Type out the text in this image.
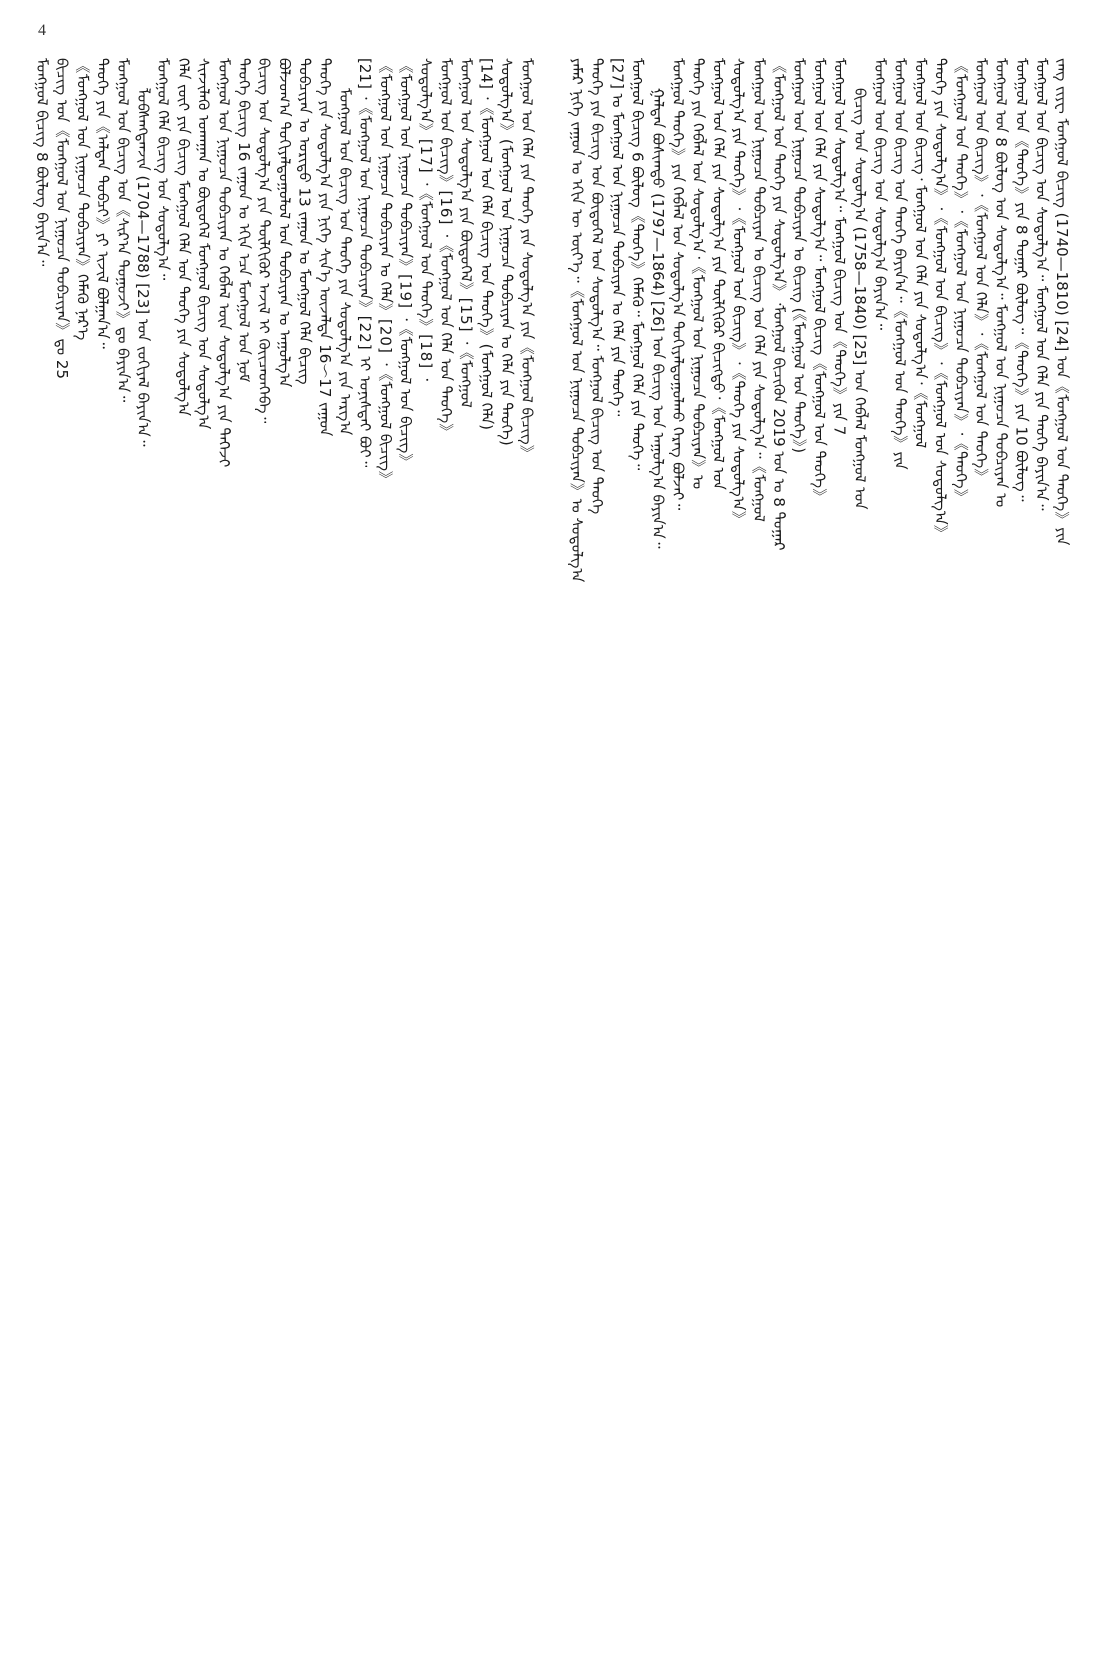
4
ᠮᠣᠩᠭᠣᠯ ᠪᠢᠴᠢᠭ 8 ᠪᠦᠯᠦᠭ ᠪᠠᠶᠢᠨ᠎ᠠ᠃ ᠪᠢᠴᠢᠭ ᠤᠨ《ᠮᠣᠩᠭᠣᠯ ᠤᠨ ᠨᠢᠭᠤᠴᠠ ᠲᠣᠪᠴᠢᠶᠠᠨ》ᠳᠤ 25 《ᠮᠣᠩᠭᠣᠯ ᠤᠨ ᠨᠢᠭᠤᠴᠠ ᠲᠣᠪᠴᠢᠶᠠᠨ》ᠬᠡᠮᠡᠬᠦ ᠨᠡᠷ᠎ᠡ ᠲᠡᠦᠬᠡ ᠶᠢᠨ《ᠠᠯᠲᠠᠨ ᠲᠣᠪᠴᠢ》ᠶᠢ ᠢᠵᠢᠯ ᠪᠣᠯᠭᠠᠨ᠎ᠠ᠃ ᠮᠣᠩᠭᠣᠯ ᠤᠨ ᠪᠢᠴᠢᠭ ᠤᠨ《ᠰᠢᠷ᠎ᠠ ᠲᠣᠭᠤᠵᠢ》ᠳᠤ ᠪᠠᠶᠢᠨ᠎ᠠ᠃ ᠯᠣᠪᠰᠠᠩᠳᠠᠨᠵᠢᠨ (1704—1788) [23] ᠤᠨ ᠵᠣᠬᠢᠶᠠᠯ ᠪᠠᠶᠢᠨ᠎ᠠ᠃ ᠮᠣᠩᠭᠣᠯ ᠬᠡᠯᠡ ᠪᠢᠴᠢᠭ ᠤᠨ ᠰᠤᠳᠤᠯᠭ᠎ᠠ᠃ ᠬᠡᠯᠡ ᠵᠦᠢ ᠶᠢᠨ ᠪᠢᠴᠢᠭ᠌ ᠮᠣᠩᠭᠣᠯ ᠬᠡᠯᠡ ᠤᠨ ᠲᠡᠦᠬᠡ ᠶᠢᠨ ᠰᠤᠳᠤᠯᠭ᠎ᠠ ᠰᠢᠨᠵᠢᠯᠡᠬᠦ ᠤᠬᠠᠭᠠᠨ ᠤ ᠪᠦᠲᠦᠭᠡᠯ ᠮᠣᠩᠭᠣᠯ ᠪᠢᠴᠢᠭ ᠤᠨ ᠰᠤᠳᠤᠯᠭ᠎ᠠ ᠮᠣᠩᠭᠣᠯ ᠤᠨ ᠨᠢᠭᠤᠴᠠ ᠲᠣᠪᠴᠢᠶᠠᠨ ᠤ ᠬᠡᠪᠯᠡᠯ ᠦᠨ ᠰᠤᠳᠤᠯᠭ᠎ᠠ ᠶᠢᠨ ᠳᠡᠭᠡᠵᠢ ᠲᠡᠦᠬᠡ ᠪᠢᠴᠢᠭ᠌ 16 ᠵᠠᠭᠤᠨ ᠤ ᠡᠬᠢᠨ ᠡᠴᠡ ᠮᠣᠩᠭᠣᠯ ᠤᠨ ᠨᠣᠮ ᠪᠢᠴᠢᠭ ᠤᠨ ᠰᠤᠳᠤᠯᠭ᠎ᠠ ᠶᠢᠨ ᠲᠦᠯᠬᠢᠭᠦᠷ ᠠᠵᠢᠯ ᠢ ᠭᠦᠢᠴᠡᠳᠬᠡᠪᠡ᠃ ᠪᠣᠯᠵᠣᠭ᠎ᠠ ᠲᠣᠬᠢᠶᠠᠯᠳᠤᠭᠤᠯᠤᠯ ᠤᠨ ᠲᠣᠪᠴᠢᠶᠠᠨ ᠤ ᠠᠭᠤᠯᠭ᠎ᠠ ᠲᠣᠪᠴᠢᠶᠠᠨ ᠤ ᠤᠷᠢᠳᠤ 13 ᠵᠠᠭᠤᠨ ᠤ ᠮᠣᠩᠭᠣᠯ ᠬᠡᠯᠡ ᠪᠢᠴᠢᠭ᠌ ᠲᠡᠦᠬᠡ ᠶᠢᠨ ᠰᠤᠳᠤᠯᠭ᠎ᠠ ᠶᠢᠨ ᠨᠢᠭᠡ ᠰᠢᠨ᠎ᠡ ᠦᠵᠡᠯᠲᠡ 16～17 ᠵᠠᠭᠤᠨ ᠮᠣᠩᠭᠣᠯ ᠤᠨ ᠪᠢᠴᠢᠭ ᠤᠨ ᠲᠡᠦᠬᠡ ᠶᠢᠨ ᠰᠤᠳᠤᠯᠭ᠎ᠠ ᠶᠢᠨ ᠠᠷᠭ᠎ᠠ [21] ᠂《ᠮᠣᠩᠭᠣᠯ ᠤᠨ ᠨᠢᠭᠤᠴᠠ ᠲᠣᠪᠴᠢᠶᠠᠨ》[22] ᠢ ᠤᠨᠢᠰᠲᠠᠢ ᠪᠤᠢ᠃ 《ᠮᠣᠩᠭᠣᠯ ᠤᠨ ᠨᠢᠭᠤᠴᠠ ᠲᠣᠪᠴᠢᠶᠠᠨ ᠤ ᠬᠡᠯᠡ》[20] ᠂《ᠮᠣᠩᠭᠣᠯ ᠪᠢᠴᠢᠭ》 《ᠮᠣᠩᠭᠣᠯ ᠤᠨ ᠨᠢᠭᠤᠴᠠ ᠲᠣᠪᠴᠢᠶᠠᠨ》[19] ᠂《ᠮᠣᠩᠭᠣᠯ ᠤᠨ ᠪᠢᠴᠢᠭ》 ᠰᠤᠳᠤᠯᠭ᠎ᠠ》[17] ᠂《ᠮᠣᠩᠭᠣᠯ ᠤᠨ ᠲᠡᠦᠬᠡ》[18] ᠂ ᠮᠣᠩᠭᠣᠯ ᠤᠨ ᠪᠢᠴᠢᠭ》[16] ᠂《ᠮᠣᠩᠭᠣᠯ ᠤᠨ ᠬᠡᠯᠡ ᠤᠨ ᠲᠡᠦᠬᠡ》 ᠮᠣᠩᠭᠣᠯ ᠤᠨ ᠰᠤᠳᠤᠯᠭ᠎ᠠ ᠶᠢᠨ ᠪᠦᠲᠦᠭᠡᠯ》[15] ᠂《ᠮᠣᠩᠭᠣᠯ [14] ᠂《ᠮᠣᠩᠭᠣᠯ ᠤᠨ ᠬᠡᠯᠡ ᠪᠢᠴᠢᠭ ᠤᠨ ᠲᠡᠦᠬᠡ》(ᠮᠣᠩᠭᠣᠯ ᠬᠡᠯᠡ) ᠰᠤᠳᠤᠯᠭ᠎ᠠ》(ᠮᠣᠩᠭᠣᠯ ᠤᠨ ᠨᠢᠭᠤᠴᠠ ᠲᠣᠪᠴᠢᠶᠠᠨ ᠤ ᠬᠡᠯᠡ ᠶᠢᠨ ᠲᠡᠦᠬᠡ) ᠮᠣᠩᠭᠣᠯ ᠤᠨ ᠬᠡᠯᠡ ᠶᠢᠨ ᠲᠡᠦᠬᠡ ᠶᠢᠨ ᠰᠤᠳᠤᠯᠭ᠎ᠠ ᠶᠢᠨ《ᠮᠣᠩᠭᠣᠯ ᠪᠢᠴᠢᠭ》 ᠶᠠᠮᠠᠷ ᠨᠢᠭᠡ ᠵᠠᠭᠤᠨ ᠤ ᠡᠬᠢᠨ ᠦ ᠦᠶ᠎ᠡ᠃《ᠮᠣᠩᠭᠣᠯ ᠤᠨ ᠨᠢᠭᠤᠴᠠ ᠲᠣᠪᠴᠢᠶᠠᠨ》ᠤ ᠰᠤᠳᠤᠯᠭ᠎ᠠ ᠲᠡᠦᠬᠡ ᠶᠢᠨ ᠪᠢᠴᠢᠭ ᠤᠨ ᠪᠦᠲᠦᠭᠡᠯ ᠤᠨ ᠰᠤᠳᠤᠯᠭ᠎ᠠ᠃ ᠮᠣᠩᠭᠣᠯ ᠪᠢᠴᠢᠭ ᠤᠨ ᠲᠡᠦᠬᠡ [27] ᠤ ᠮᠣᠩᠭᠣᠯ ᠤᠨ ᠨᠢᠭᠤᠴᠠ ᠲᠣᠪᠴᠢᠶᠠᠨ ᠤ ᠬᠡᠯᠡ ᠶᠢᠨ ᠲᠡᠦᠬᠡ᠃ ᠮᠣᠩᠭᠣᠯ ᠪᠢᠴᠢᠭ 6 ᠪᠦᠯᠦᠭ《ᠲᠡᠦᠬᠡ》ᠬᠡᠮᠡᠬᠦ᠃ ᠮᠣᠩᠭᠣᠯ ᠬᠡᠯᠡ ᠶᠢᠨ ᠲᠡᠦᠬᠡ᠃ ᠭᠠᠯᠳᠠᠨ ᠪᠣᠰᠢᠭᠲᠤ (1797—1864) [26] ᠤᠨ ᠪᠢᠴᠢᠭ ᠤᠨ ᠠᠭᠤᠯᠭ᠎ᠠ ᠪᠠᠶᠢᠨ᠎ᠠ᠃ ᠮᠣᠩᠭᠣᠯ ᠲᠡᠦᠬᠡ》ᠶᠢᠨ ᠬᠡᠪᠯᠡᠯ ᠤᠨ ᠰᠤᠳᠤᠯᠭ᠎ᠠ ᠲᠣᠬᠢᠶᠠᠯᠳᠤᠭᠤᠯᠬᠤ ᠬᠡᠷᠡᠭ ᠪᠣᠯᠵᠠᠢ᠃ ᠲᠡᠦᠬᠡ ᠶᠢᠨ ᠬᠡᠪᠯᠡᠯ ᠤᠨ ᠰᠤᠳᠤᠯᠭ᠎ᠠ᠂《ᠮᠣᠩᠭᠣᠯ ᠤᠨ ᠨᠢᠭᠤᠴᠠ ᠲᠣᠪᠴᠢᠶᠠᠨ》ᠤ ᠮᠣᠩᠭᠣᠯ ᠤᠨ ᠬᠡᠯᠡ ᠶᠢᠨ ᠰᠤᠳᠤᠯᠭ᠎ᠠ ᠶᠢᠨ ᠲᠦᠯᠬᠢᠭᠦᠷ ᠪᠢᠴᠢᠭ᠌ᠳᠦ᠂《ᠮᠣᠩᠭᠣᠯ ᠤᠨ ᠰᠤᠳᠤᠯᠭ᠎ᠠ ᠶᠢᠨ ᠲᠡᠦᠬᠡ》᠂《ᠮᠣᠩᠭᠣᠯ ᠤᠨ ᠪᠢᠴᠢᠭ᠌》᠂《ᠲᠡᠦᠬᠡ ᠶᠢᠨ ᠰᠤᠳᠤᠯᠭ᠎ᠠ》 ᠮᠣᠩᠭᠣᠯ ᠤᠨ ᠨᠢᠭᠤᠴᠠ ᠲᠣᠪᠴᠢᠶᠠᠨ ᠤ ᠪᠢᠴᠢᠭ ᠤᠨ ᠬᠡᠯᠡ ᠶᠢᠨ ᠰᠤᠳᠤᠯᠭ᠎ᠠ᠃《ᠮᠣᠩᠭᠣᠯ 《ᠮᠣᠩᠭᠣᠯ ᠤᠨ ᠲᠡᠦᠬᠡ ᠶᠢᠨ ᠰᠤᠳᠤᠯᠭ᠎ᠠ》᠂ᠮᠣᠩᠭᠣᠯ ᠪᠢᠴᠢᠭ᠌ᠦᠨ 2019 ᠤᠨ ᠤ 8 ᠳᠤᠭᠠᠷ ᠮᠣᠩᠭᠣᠯ ᠤᠨ ᠨᠢᠭᠤᠴᠠ ᠲᠣᠪᠴᠢᠶᠠᠨ ᠤ ᠪᠢᠴᠢᠭ᠌ (《ᠮᠣᠩᠭᠣᠯ ᠤᠨ ᠲᠡᠦᠬᠡ》) ᠮᠣᠩᠭᠣᠯ ᠤᠨ ᠬᠡᠯᠡ ᠶᠢᠨ ᠰᠤᠳᠤᠯᠭ᠎ᠠ᠃ ᠮᠣᠩᠭᠣᠯ ᠪᠢᠴᠢᠭ᠌《ᠮᠣᠩᠭᠣᠯ ᠤᠨ ᠲᠡᠦᠬᠡ》 ᠮᠣᠩᠭᠣᠯ ᠤᠨ ᠰᠤᠳᠤᠯᠭ᠎ᠠ᠃ ᠮᠣᠩᠭᠣᠯ ᠪᠢᠴᠢᠭ ᠤᠨ《ᠲᠡᠦᠬᠡ》ᠶᠢᠨ 7 ᠪᠢᠴᠢᠭ ᠤᠨ ᠰᠤᠳᠤᠯᠭ᠎ᠠ (1758—1840) [25] ᠤᠨ ᠬᠡᠪᠯᠡᠯ ᠮᠣᠩᠭᠣᠯ ᠤᠨ ᠮᠣᠩᠭᠣᠯ ᠤᠨ ᠪᠢᠴᠢᠭ᠌ ᠤᠨ ᠰᠤᠳᠤᠯᠭ᠎ᠠ ᠪᠠᠶᠢᠨ᠎ᠠ᠃ ᠮᠣᠩᠭᠣᠯ ᠤᠨ ᠪᠢᠴᠢᠭ᠌ ᠤᠨ ᠲᠡᠦᠬᠡ ᠪᠠᠶᠢᠨ᠎ᠠ᠃《ᠮᠣᠩᠭᠣᠯ ᠤᠨ ᠲᠡᠦᠬᠡ》ᠶᠢᠨ ᠮᠣᠩᠭᠣᠯ ᠤᠨ ᠪᠢᠴᠢᠭ᠌᠂ ᠮᠣᠩᠭᠣᠯ ᠤᠨ ᠬᠡᠯᠡ ᠶᠢᠨ ᠰᠤᠳᠤᠯᠭ᠎ᠠ᠂《ᠮᠣᠩᠭᠣᠯ ᠲᠡᠦᠬᠡ ᠶᠢᠨ ᠰᠤᠳᠤᠯᠭ᠎ᠠ》᠂《ᠮᠣᠩᠭᠣᠯ ᠤᠨ ᠪᠢᠴᠢᠭ᠌》᠂《ᠮᠣᠩᠭᠣᠯ ᠤᠨ ᠰᠤᠳᠤᠯᠭ᠎ᠠ》 《ᠮᠣᠩᠭᠣᠯ ᠤᠨ ᠲᠡᠦᠬᠡ》᠂《ᠮᠣᠩᠭᠣᠯ ᠤᠨ ᠨᠢᠭᠤᠴᠠ ᠲᠣᠪᠴᠢᠶᠠᠨ》᠂《ᠲᠡᠦᠬᠡ》 ᠮᠣᠩᠭᠣᠯ ᠤᠨ ᠪᠢᠴᠢᠭ᠌》᠂《ᠮᠣᠩᠭᠣᠯ ᠤᠨ ᠬᠡᠯᠡ》᠂《ᠮᠣᠩᠭᠣᠯ ᠤᠨ ᠲᠡᠦᠬᠡ》 ᠮᠣᠩᠭᠣᠯ ᠤᠨ 8 ᠪᠦᠯᠦᠭ ᠤᠨ ᠰᠤᠳᠤᠯᠭ᠎ᠠ᠃ ᠮᠣᠩᠭᠣᠯ ᠤᠨ ᠨᠢᠭᠤᠴᠠ ᠲᠣᠪᠴᠢᠶᠠᠨ ᠤ ᠮᠣᠩᠭᠣᠯ ᠤᠨ《ᠲᠡᠦᠬᠡ》ᠶᠢᠨ 8 ᠳᠤᠭᠠᠷ ᠪᠦᠯᠦᠭ᠃《ᠲᠡᠦᠬᠡ》ᠶᠢᠨ 10 ᠪᠦᠯᠦᠭ᠃ ᠮᠣᠩᠭᠣᠯ ᠤᠨ ᠪᠢᠴᠢᠭ᠌ ᠤᠨ ᠰᠤᠳᠤᠯᠭ᠎ᠠ᠃ ᠮᠣᠩᠭᠣᠯ ᠤᠨ ᠬᠡᠯᠡ ᠶᠢᠨ ᠲᠡᠦᠬᠡ ᠪᠠᠶᠢᠨ᠎ᠠ᠃ ᠵᠠᠩ ᠵᠢᠶᠧ ᠮᠣᠩᠭᠣᠯ ᠪᠢᠴᠢᠭ᠌ (1740—1810) [24] ᠤᠨ《ᠮᠣᠩᠭᠣᠯ ᠤᠨ ᠲᠡᠦᠬᠡ》ᠶᠢᠨ
